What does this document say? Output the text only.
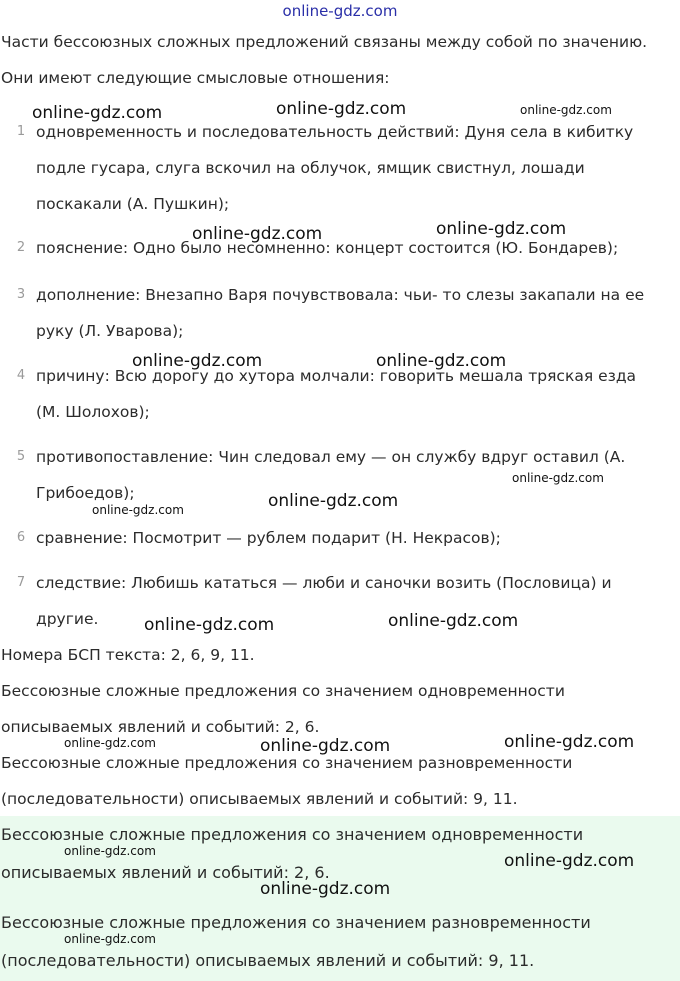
online-gdz.com
Части бессоюзных сложных предложений связаны между собой по значению.
Они имеют следующие смысловые отношения:
1 одновременность и последовательность действий: Дуня села в кибитку
подле гусара, слуга вскочил на облучок, ямщик свистнул, лошади
поскакали (А. Пушкин);
2 пояснение: Одно было несомненно: концерт состоится (Ю. Бондарев);
3 дополнение: Внезапно Варя почувствовала: чьи- то слезы закапали на ее
руку (Л. Уварова);
4 причину: Всю дорогу до хутора молчали: говорить мешала тряская езда
(М. Шолохов);
5 противопоставление: Чин следовал ему — он службу вдруг оставил (А.
Грибоедов);
6 сравнение: Посмотрит — рублем подарит (Н. Некрасов);
7 следствие: Любишь кататься — люби и саночки возить (Пословица) и
другие.
Номера БСП текста: 2, 6, 9, 11.
Бессоюзные сложные предложения со значением одновременности
описываемых явлений и событий: 2, 6.
Бессоюзные сложные предложения со значением разновременности
(последовательности) описываемых явлений и событий: 9, 11.
Бессоюзные сложные предложения со значением одновременности
описываемых явлений и событий: 2, 6.
Бессоюзные сложные предложения со значением разновременности
(последовательности) описываемых явлений и событий: 9, 11.
online-gdz.com	online-gdz.com	online-gdz.com
online-gdz.com	online-gdz.com
online-gdz.com	online-gdz.com
online-gdz.com
online-gdz.com
online-gdz.com
online-gdz.com	online-gdz.com
online-gdz.com	online-gdz.com	online-gdz.com
online-gdz.com	online-gdz.com
online-gdz.com
online-gdz.com
